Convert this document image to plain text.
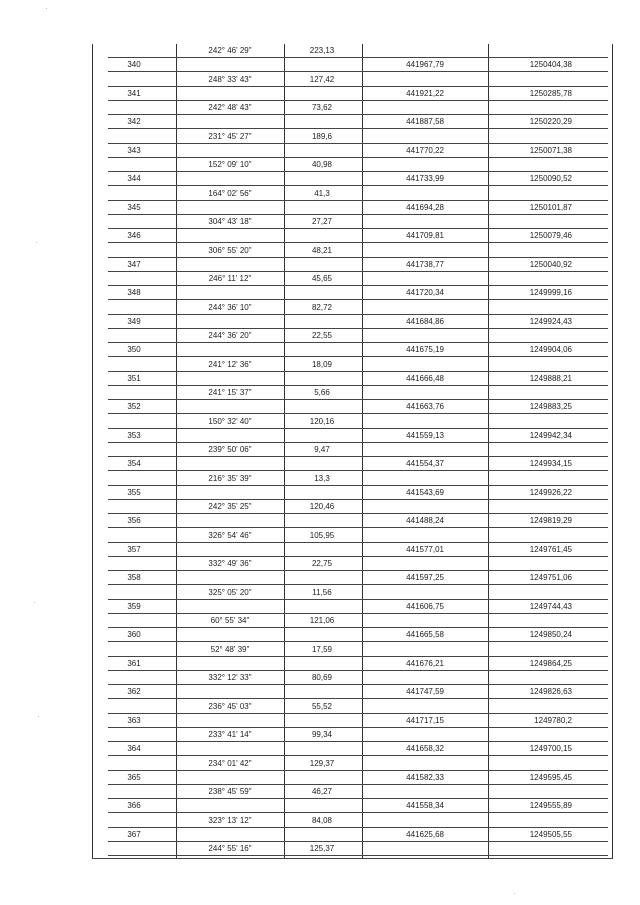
242° 46' 29"	223,13
248° 33' 43"	127,42
340	441967,79	1250404,38
242° 48' 43"	73,62
341	441921,22	1250285,78
231° 45' 27"	189,6
342	441887,58	1250220,29
152° 09' 10"	40,98
343	441770,22	1250071,38
164° 02' 56"	41,3
344	441733,99	1250090,52
304° 43' 18"	27,27
345	441694,28	1250101,87
306° 55' 20"	48,21
346	441709,81	1250079,46
246° 11' 12"	45,65
347	441738,77	1250040,92
244° 36' 10"	82,72
348	441720,34	1249999,16
244° 36' 20"	22,55
349	441684,86	1249924,43
241° 12' 36"	18,09
350	441675,19	1249904,06
241° 15' 37"	5,66
351	441666,48	1249888,21
150° 32' 40"	120,16
352	441663,76	1249883,25
239° 50' 06"	9,47
353	441559,13	1249942,34
216° 35' 39"	13,3
354	441554,37	1249934,15
242° 35' 25"	120,46
355	441543,69	1249926,22
326° 54' 46"	105,95
356	441488,24	1249819,29
332° 49' 36"	22,75
357	441577,01	1249761,45
325° 05' 20"	11,56
358	441597,25	1249751,06
60° 55' 34"	121,06
359	441606,75	1249744,43
52° 48' 39"	17,59
360	441665,58	1249850,24
332° 12' 33"	80,69
361	441676,21	1249864,25
236° 45' 03"	55,52
362	441747,59	1249826,63
233° 41' 14"	99,34
363	441717,15	1249780,2
234° 01' 42"	129,37
364	441658,32	1249700,15
238° 45' 59"	46,27
365	441582,33	1249595,45
323° 13' 12"	84,08
366	441558,34	1249555,89
244° 55' 16"	125,37
367	441625,68	1249505,55
